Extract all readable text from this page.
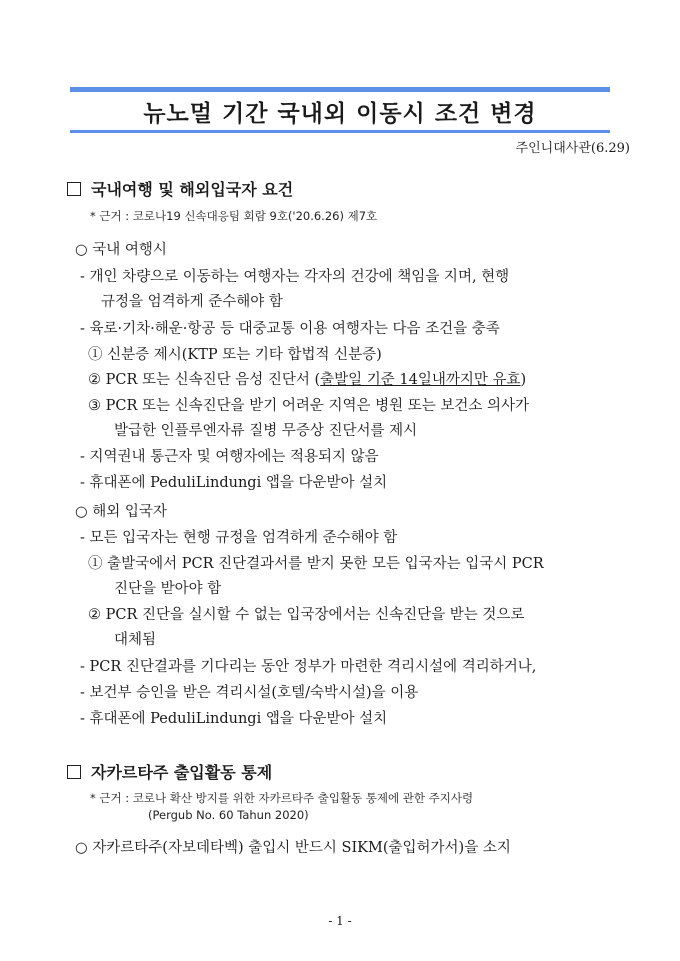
뉴노멀 기간 국내외 이동시 조건 변경
주인니대사관(6.29)
국내여행 및 해외입국자 요건
* 근거 : 코로나19 신속대응팀 회람 9호('20.6.26) 제7호
○ 국내 여행시
- 개인 차량으로 이동하는 여행자는 각자의 건강에 책임을 지며, 현행
규정을 엄격하게 준수해야 함
- 육로·기차·해운·항공 등 대중교통 이용 여행자는 다음 조건을 충족
① 신분증 제시(KTP 또는 기타 합법적 신분증)
② PCR 또는 신속진단 음성 진단서 (출발일 기준 14일내까지만 유효)
③ PCR 또는 신속진단을 받기 어려운 지역은 병원 또는 보건소 의사가
발급한 인플루엔자류 질병 무증상 진단서를 제시
- 지역권내 통근자 및 여행자에는 적용되지 않음
- 휴대폰에 PeduliLindungi 앱을 다운받아 설치
○ 해외 입국자
- 모든 입국자는 현행 규정을 엄격하게 준수해야 함
① 출발국에서 PCR 진단결과서를 받지 못한 모든 입국자는 입국시 PCR
진단을 받아야 함
② PCR 진단을 실시할 수 없는 입국장에서는 신속진단을 받는 것으로
대체됨
- PCR 진단결과를 기다리는 동안 정부가 마련한 격리시설에 격리하거나,
- 보건부 승인을 받은 격리시설(호텔/숙박시설)을 이용
- 휴대폰에 PeduliLindungi 앱을 다운받아 설치
자카르타주 출입활동 통제
* 근거 : 코로나 확산 방지를 위한 자카르타주 출입활동 통제에 관한 주지사령
(Pergub No. 60 Tahun 2020)
○ 자카르타주(자보데타벡) 출입시 반드시 SIKM(출입허가서)을 소지
- 1 -
